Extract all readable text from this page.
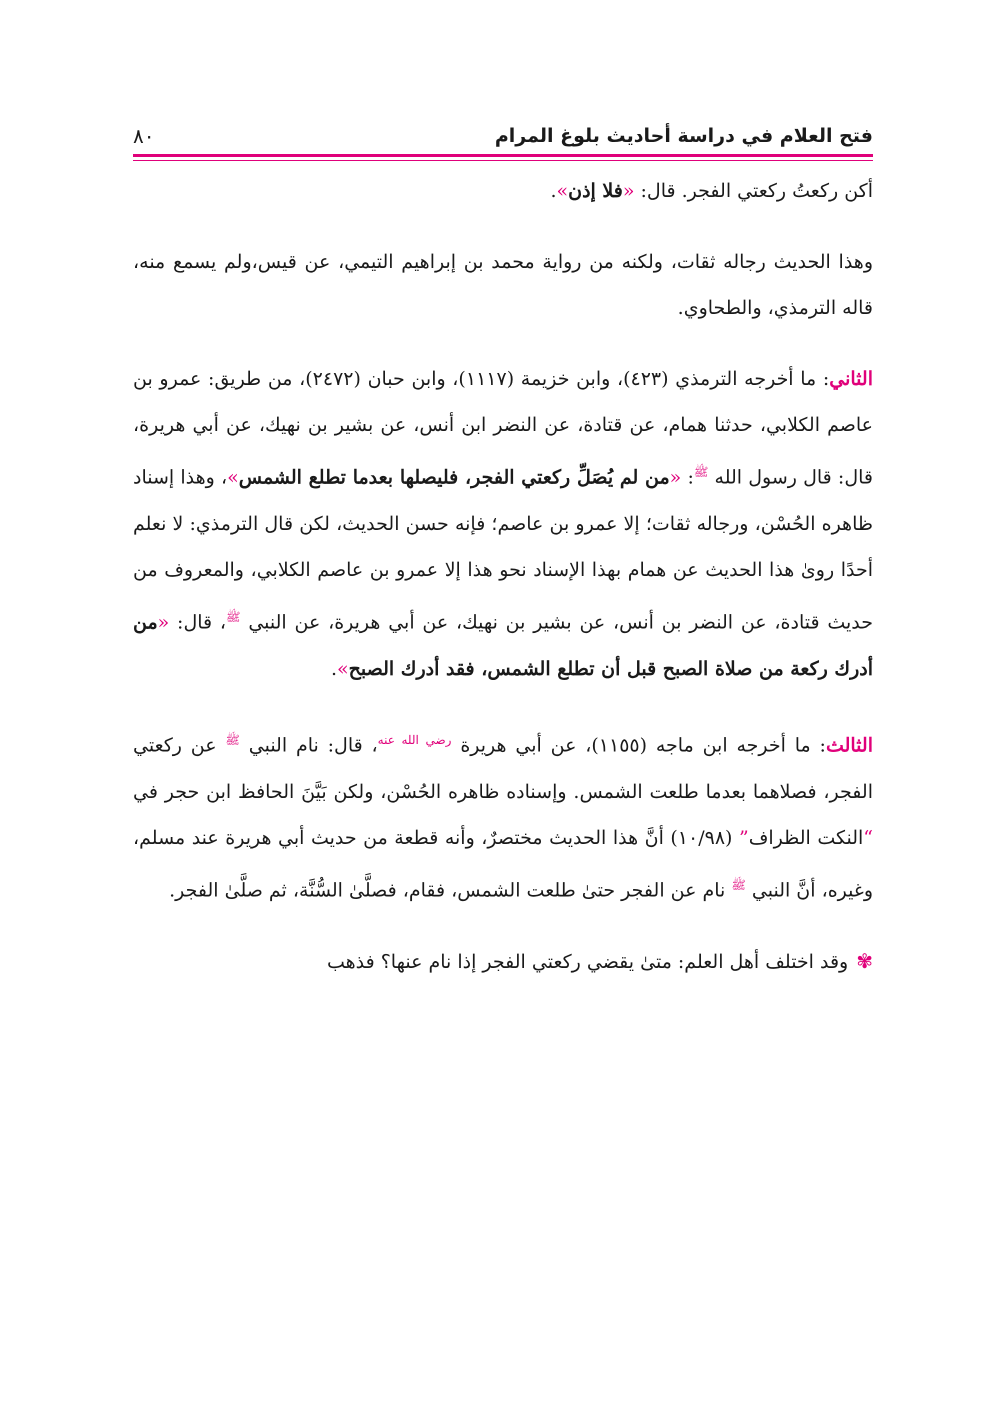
فتح العلام في دراسة أحاديث بلوغ المرام
٨٠

أكن ركعتُ ركعتي الفجر. قال: «فلا إذن».

وهذا الحديث رجاله ثقات، ولكنه من رواية محمد بن إبراهيم التيمي، عن قيس،ولم يسمع منه، قاله الترمذي، والطحاوي.

الثاني: ما أخرجه الترمذي (٤٢٣)، وابن خزيمة (١١١٧)، وابن حبان (٢٤٧٢)، من طريق: عمرو بن عاصم الكلابي، حدثنا همام، عن قتادة، عن النضر ابن أنس، عن بشير بن نهيك، عن أبي هريرة، قال: قال رسول الله $^ﷺ$: «من لم يُصَلِّ ركعتي الفجر، فليصلها بعدما تطلع الشمس»، وهذا إسناد ظاهره الحُسْن، ورجاله ثقات؛ إلا عمرو بن عاصم؛ فإنه حسن الحديث، لكن قال الترمذي: لا نعلم أحدًا روىٰ هذا الحديث عن همام بهذا الإسناد نحو هذا إلا عمرو بن عاصم الكلابي، والمعروف من حديث قتادة، عن النضر بن أنس، عن بشير بن نهيك، عن أبي هريرة، عن النبي $^ﷺ$، قال: «من أدرك ركعة من صلاة الصبح قبل أن تطلع الشمس، فقد أدرك الصبح».

الثالث: ما أخرجه ابن ماجه (١١٥٥)، عن أبي هريرة $^{رضي الله عنه}$، قال: نام النبي $^ﷺ$ عن ركعتي الفجر، فصلاهما بعدما طلعت الشمس. وإسناده ظاهره الحُسْن، ولكن بَيَّنَ الحافظ ابن حجر في “النكت الظراف” (١٠/٩٨) أنَّ هذا الحديث مختصرٌ، وأنه قطعة من حديث أبي هريرة عند مسلم، وغيره، أنَّ النبي $^ﷺ$ نام عن الفجر حتىٰ طلعت الشمس، فقام، فصلَّىٰ السُّنَّة، ثم صلَّىٰ الفجر.

✾وقد اختلف أهل العلم: متىٰ يقضي ركعتي الفجر إذا نام عنها؟ فذهب
